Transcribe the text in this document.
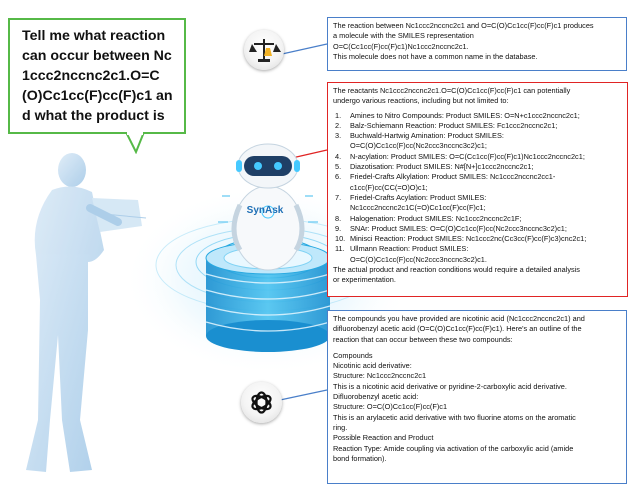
SynAsk
Tell me what reaction can occur between Nc1ccc2nccnc2c1.O=C(O)Cc1cc(F)cc(F)c1 and what the product is

The reaction between Nc1ccc2nccnc2c1 and O=C(O)Cc1cc(F)cc(F)c1 produces

a molecule with the SMILES representation

O=C(Cc1cc(F)cc(F)c1)Nc1ccc2nccnc2c1.

This molecule does not have a common name in the database.

The reactants Nc1ccc2nccnc2c1.O=C(O)Cc1cc(F)cc(F)c1 can potentially

undergo various reactions, including but not limited to:

1. Amines to Nitro Compounds: Product SMILES: O=N+c1ccc2nccnc2c1;

2. Balz-Schiemann Reaction: Product SMILES: Fc1ccc2nccnc2c1;

3. Buchwald-Hartwig Amination: Product SMILES:

O=C(O)Cc1cc(F)cc(Nc2ccc3nccnc3c2)c1;

4. N-acylation: Product SMILES: O=C(Cc1cc(F)cc(F)c1)Nc1ccc2nccnc2c1;

5. Diazotisation: Product SMILES: N#[N+]c1ccc2nccnc2c1;

6. Friedel-Crafts Alkylation: Product SMILES: Nc1ccc2nccnc2cc1-

c1cc(F)cc(CC(=O)O)c1;

7. Friedel-Crafts Acylation: Product SMILES:

Nc1ccc2nccnc2c1C(=O)Cc1cc(F)cc(F)c1;

8. Halogenation: Product SMILES: Nc1ccc2nccnc2c1F;

9. SNAr: Product SMILES: O=C(O)Cc1cc(F)cc(Nc2ccc3nccnc3c2)c1;

10. Minisci Reaction: Product SMILES: Nc1ccc2nc(Cc3cc(F)cc(F)c3)cnc2c1;

11. Ullmann Reaction: Product SMILES:

O=C(O)Cc1cc(F)cc(Nc2ccc3nccnc3c2)c1.

The actual product and reaction conditions would require a detailed analysis

or experimentation.

The compounds you have provided are nicotinic acid (Nc1ccc2nccnc2c1) and

difluorobenzyl acetic acid (O=C(O)Cc1cc(F)cc(F)c1). Here's an outline of the

reaction that can occur between these two compounds:

Compounds

Nicotinic acid derivative:

Structure: Nc1ccc2nccnc2c1

This is a nicotinic acid derivative or pyridine-2-carboxylic acid derivative.

Difluorobenzyl acetic acid:

Structure: O=C(O)Cc1cc(F)cc(F)c1

This is an arylacetic acid derivative with two fluorine atoms on the aromatic

ring.

Possible Reaction and Product

Reaction Type: Amide coupling via activation of the carboxylic acid (amide

bond formation).
